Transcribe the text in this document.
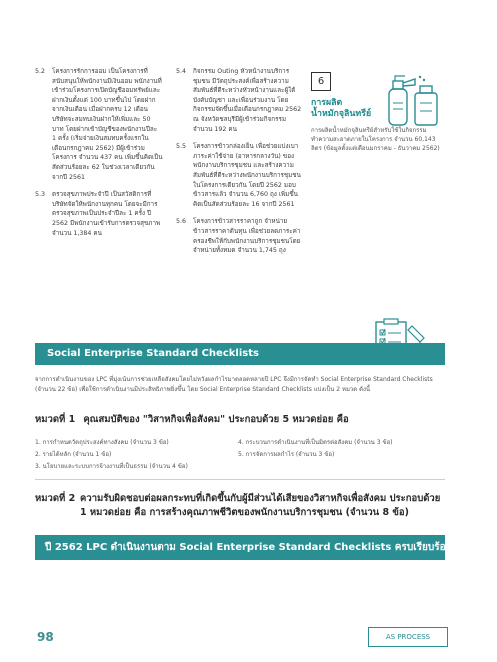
5.2	โครงการรักการออม เป็นโครงการที่สนับสนุนให้พนักงานมีเงินออม พนักงานที่เข้าร่วมโครงการเปิดบัญชีออมทรัพย์และฝากเงินตั้งแต่ 100 บาทขึ้นไป โดยฝากจากเงินเดือน เมื่อฝากครบ 12 เดือน บริษัทจะสมทบเงินฝากให้เพิ่มและ 50 บาท โดยฝากเข้าบัญชีของพนักงานปีละ 1 ครั้ง (เริ่มจ่ายเงินสมทบครั้งแรกในเดือนกรกฎาคม 2562) มีผู้เข้าร่วมโครงการ จำนวน 437 คน เพิ่มขึ้นคิดเป็นสัดส่วนร้อยละ 62 ในช่วงเวลาเดียวกัน จากปี 2561
5.3	ตรวจสุขภาพประจำปี เป็นสวัสดิการที่บริษัทจัดให้พนักงานทุกคน โดยจะมีการตรวจสุขภาพเป็นประจำปีละ 1 ครั้ง ปี 2562 มีพนักงานเข้ารับการตรวจสุขภาพ จำนวน 1,384 คน
5.4	กิจกรรม Outing หัวหน้างานบริการชุมชน มีวัตถุประสงค์เพื่อสร้างความสัมพันธ์ที่ดีระหว่างหัวหน้างานและผู้ใต้บังคับบัญชา และเพื่อนร่วมงาน โดยกิจกรรมจัดขึ้นเมื่อเดือนกรกฎาคม 2562 ณ จังหวัดชลบุรีมีผู้เข้าร่วมกิจกรรม จำนวน 192 คน
5.5	โครงการข้าวกล่องเย็น เพื่อช่วยแบ่งเบาภาระค่าใช้จ่าย (อาหารกลางวัน) ของพนักงานบริการชุมชน และสร้างความสัมพันธ์ที่ดีระหว่างพนักงานบริการชุมชนในโครงการเดียวกัน โดยปี 2562 มอบข้าวสารแล้ว จำนวน 6,760 ถุง เพิ่มขึ้นคิดเป็นสัดส่วนร้อยละ 16 จากปี 2561
5.6	โครงการข้าวสารราคาถูก จำหน่ายข้าวสารราคาต้นทุน เพื่อช่วยลดภาระค่าครองชีพให้กับพนักงานบริการชุมชนโดยจำหน่ายทั้งหมด จำนวน 1,745 ถุง
6
การผลิต
น้ำหมักจุลินทรีย์
การผลิตน้ำหมักจุลินทรีย์สำหรับใช้ในกิจกรรมทำความสะอาดภายในโครงการ จำนวน 60,143 ลิตร (ข้อมูลตั้งแต่เดือนมกราคม - ธันวาคม 2562)
Social Enterprise Standard Checklists
จากการดำเนินงานของ LPC ที่มุ่งเน้นการช่วยเหลือสังคมโดยไม่หวังผลกำไรมาตลอดหลายปี LPC จึงมีการจัดทำ Social Enterprise Standard Checklists (จำนวน 22 ข้อ) เพื่อใช้การดำเนินงานมีประสิทธิภาพยิ่งขึ้น โดย Social Enterprise Standard Checklists แบ่งเป็น 2 หมวด ดังนี้
หมวดที่ 1 คุณสมบัติของ "วิสาหกิจเพื่อสังคม" ประกอบด้วย 5 หมวดย่อย คือ
1. การกำหนดวัตถุประสงค์ทางสังคม (จำนวน 3 ข้อ)
2. รายได้หลัก (จำนวน 1 ข้อ)
3. นโยบายและระบบการจ้างงานที่เป็นธรรม (จำนวน 4 ข้อ)
4. กระบวนการดำเนินงานที่เป็นมิตรต่อสังคม (จำนวน 3 ข้อ)
5. การจัดการผลกำไร (จำนวน 3 ข้อ)
หมวดที่ 2 ความรับผิดชอบต่อผลกระทบที่เกิดขึ้นกับผู้มีส่วนได้เสียของวิสาหกิจเพื่อสังคม ประกอบด้วย 1 หมวดย่อย คือ การสร้างคุณภาพชีวิตของพนักงานบริการชุมชน (จำนวน 8 ข้อ)
ปี 2562 LPC ดำเนินงานตาม Social Enterprise Standard Checklists ครบเรียบร้อยทั้ง 22 ข้อ
98	AS PROCESS
